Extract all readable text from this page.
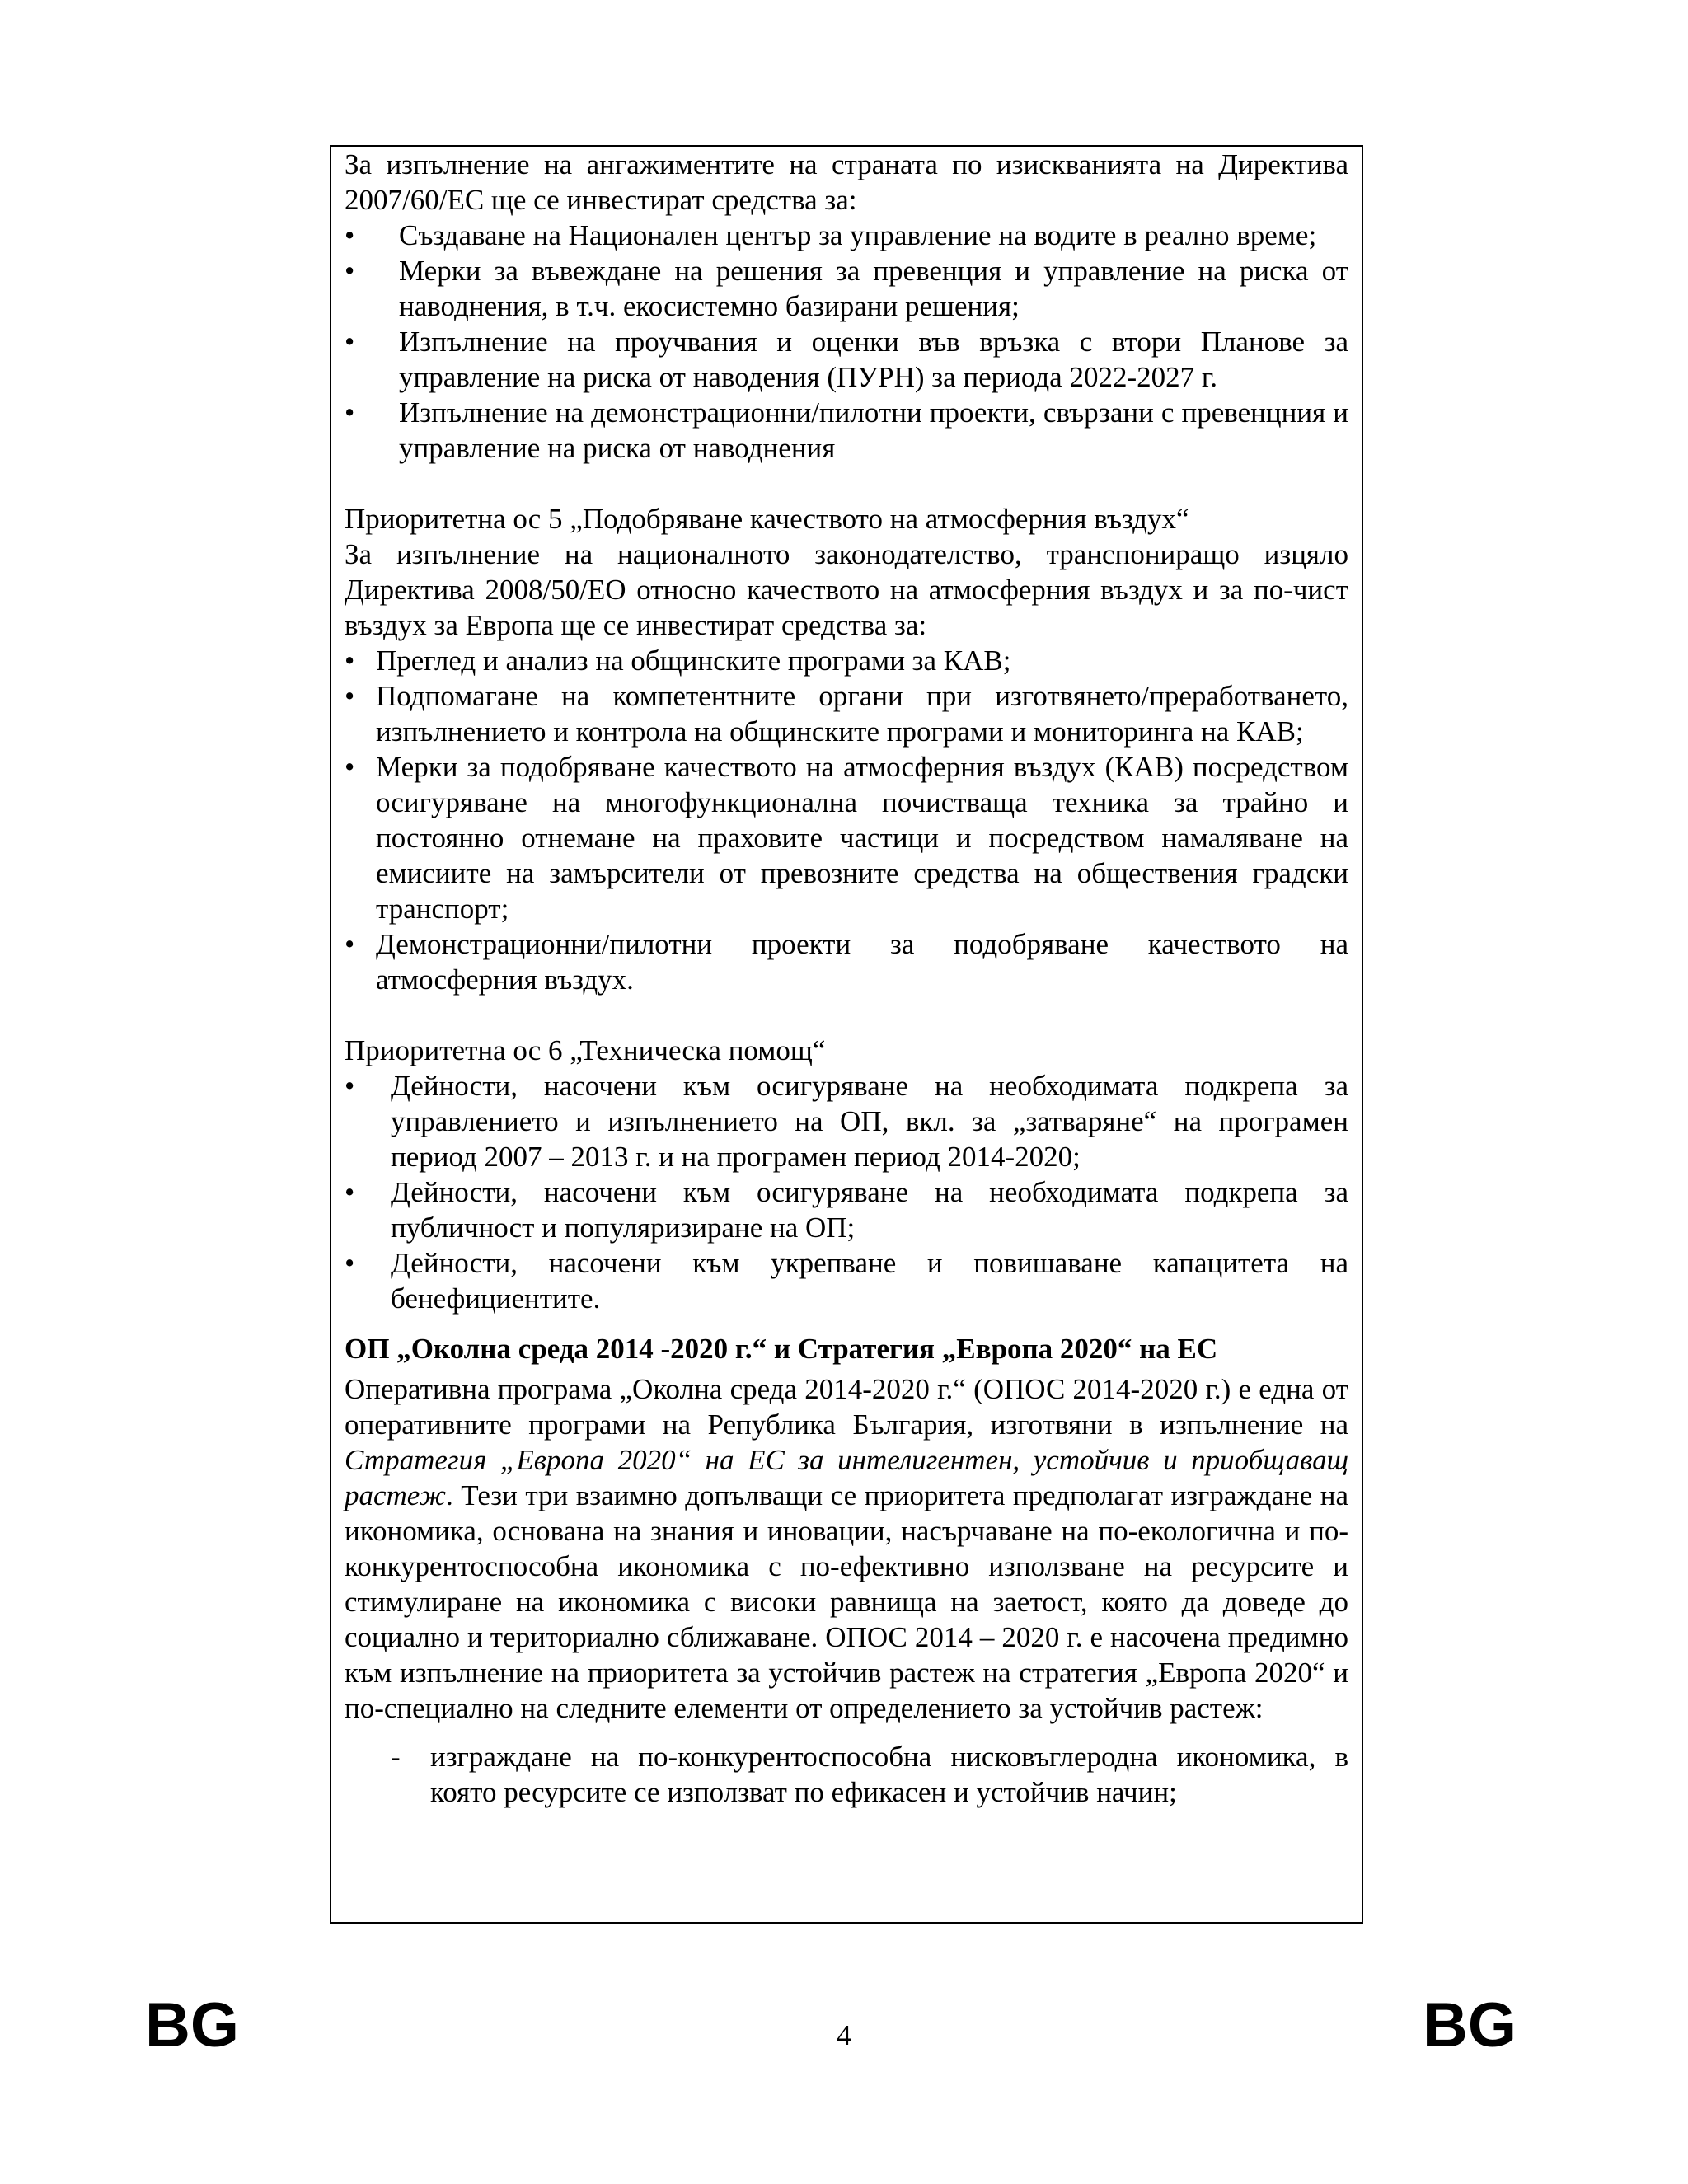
За изпълнение на ангажиментите на страната по изискванията на Директива 2007/60/ЕС ще се инвестират средства за:

• Създаване на Национален център за управление на водите в реално време;
• Мерки за въвеждане на решения за превенция и управление на риска от наводнения, в т.ч. екосистемно базирани решения;
• Изпълнение на проучвания и оценки във връзка с втори Планове за управление на риска от наводения (ПУРН) за периода 2022-2027 г.
• Изпълнение на демонстрационни/пилотни проекти, свързани с превенцния и управление на риска от наводнения

Приоритетна ос 5 „Подобряване качеството на атмосферния въздух“

За изпълнение на националното законодателство, транспониращо изцяло Директива 2008/50/ЕО относно качеството на атмосферния въздух и за по-чист въздух за Европа ще се инвестират средства за:

• Преглед и анализ на общинските програми за КАВ;
• Подпомагане на компетентните органи при изготвянето/преработването, изпълнението и контрола на общинските програми и мониторинга на КАВ;
• Мерки за подобряване качеството на атмосферния въздух (КАВ) посредством осигуряване на многофункционална почистваща техника за трайно и постоянно отнемане на праховите частици и посредством намаляване на емисиите на замърсители от превозните средства на обществения градски транспорт;
• Демонстрационни/пилотни проекти за подобряване качеството на атмосферния въздух.

Приоритетна ос 6 „Техническа помощ“

• Дейности, насочени към осигуряване на необходимата подкрепа за управлението и изпълнението на ОП, вкл. за „затваряне“ на програмен период 2007 – 2013 г. и на програмен период 2014-2020;
• Дейности, насочени към осигуряване на необходимата подкрепа за публичност и популяризиране на ОП;
• Дейности, насочени към укрепване и повишаване капацитета на бенефициентите.

ОП „Околна среда 2014 -2020 г.“ и Стратегия „Европа 2020“ на ЕС

Оперативна програма „Околна среда 2014-2020 г.“ (ОПОС 2014-2020 г.) е една от оперативните програми на Република България, изготвяни в изпълнение на Стратегия „Европа 2020“ на ЕС за интелигентен, устойчив и приобщаващ растеж. Тези три взаимно допълващи се приоритета предполагат изграждане на икономика, основана на знания и иновации, насърчаване на по-екологична и по-конкурентоспособна икономика с по-ефективно използване на ресурсите и стимулиране на икономика с високи равнища на заетост, която да доведе до социално и териториално сближаване. ОПОС 2014 – 2020 г. е насочена предимно към изпълнение на приоритета за устойчив растеж на стратегия „Европа 2020“ и по-специално на следните елементи от определението за устойчив растеж:

- изграждане на по-конкурентоспособна нисковъглеродна икономика, в която ресурсите се използват по ефикасен и устойчив начин;
BG	4	BG
